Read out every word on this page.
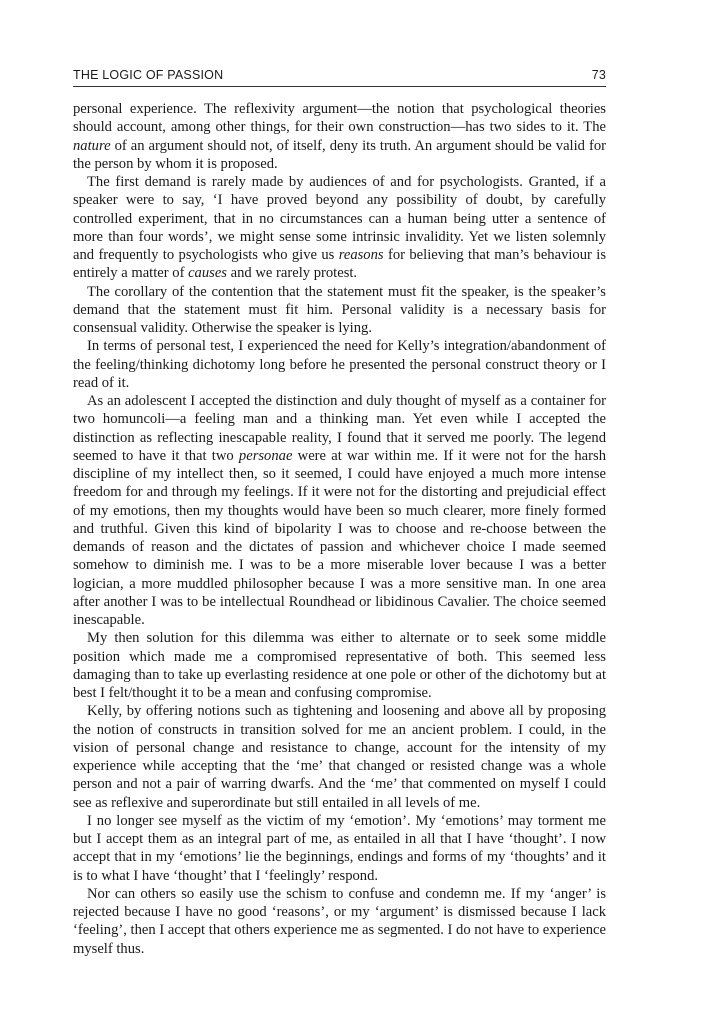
THE LOGIC OF PASSION	73

personal experience. The reflexivity argument—the notion that psychological theories should account, among other things, for their own construction—has two sides to it. The nature of an argument should not, of itself, deny its truth. An argument should be valid for the person by whom it is proposed.

The first demand is rarely made by audiences of and for psychologists. Granted, if a speaker were to say, ‘I have proved beyond any possibility of doubt, by carefully controlled experiment, that in no circumstances can a human being utter a sentence of more than four words’, we might sense some intrinsic invalidity. Yet we listen solemnly and frequently to psychologists who give us reasons for believing that man’s behaviour is entirely a matter of causes and we rarely protest.

The corollary of the contention that the statement must fit the speaker, is the speaker’s demand that the statement must fit him. Personal validity is a necessary basis for consensual validity. Otherwise the speaker is lying.

In terms of personal test, I experienced the need for Kelly’s integration/abandonment of the feeling/thinking dichotomy long before he presented the personal construct theory or I read of it.

As an adolescent I accepted the distinction and duly thought of myself as a container for two homuncoli—a feeling man and a thinking man. Yet even while I accepted the distinction as reflecting inescapable reality, I found that it served me poorly. The legend seemed to have it that two personae were at war within me. If it were not for the harsh discipline of my intellect then, so it seemed, I could have enjoyed a much more intense freedom for and through my feelings. If it were not for the distorting and prejudicial effect of my emotions, then my thoughts would have been so much clearer, more finely formed and truthful. Given this kind of bipolarity I was to choose and re-choose between the demands of reason and the dictates of passion and whichever choice I made seemed somehow to diminish me. I was to be a more miserable lover because I was a better logician, a more muddled philosopher because I was a more sensitive man. In one area after another I was to be intellectual Roundhead or libidinous Cavalier. The choice seemed inescapable.

My then solution for this dilemma was either to alternate or to seek some middle position which made me a compromised representative of both. This seemed less damaging than to take up everlasting residence at one pole or other of the dichotomy but at best I felt/thought it to be a mean and confusing compromise.

Kelly, by offering notions such as tightening and loosening and above all by proposing the notion of constructs in transition solved for me an ancient problem. I could, in the vision of personal change and resistance to change, account for the intensity of my experience while accepting that the ‘me’ that changed or resisted change was a whole person and not a pair of warring dwarfs. And the ‘me’ that commented on myself I could see as reflexive and superordinate but still entailed in all levels of me.

I no longer see myself as the victim of my ‘emotion’. My ‘emotions’ may torment me but I accept them as an integral part of me, as entailed in all that I have ‘thought’. I now accept that in my ‘emotions’ lie the beginnings, endings and forms of my ‘thoughts’ and it is to what I have ‘thought’ that I ‘feelingly’ respond.

Nor can others so easily use the schism to confuse and condemn me. If my ‘anger’ is rejected because I have no good ‘reasons’, or my ‘argument’ is dismissed because I lack ‘feeling’, then I accept that others experience me as segmented. I do not have to experience myself thus.
